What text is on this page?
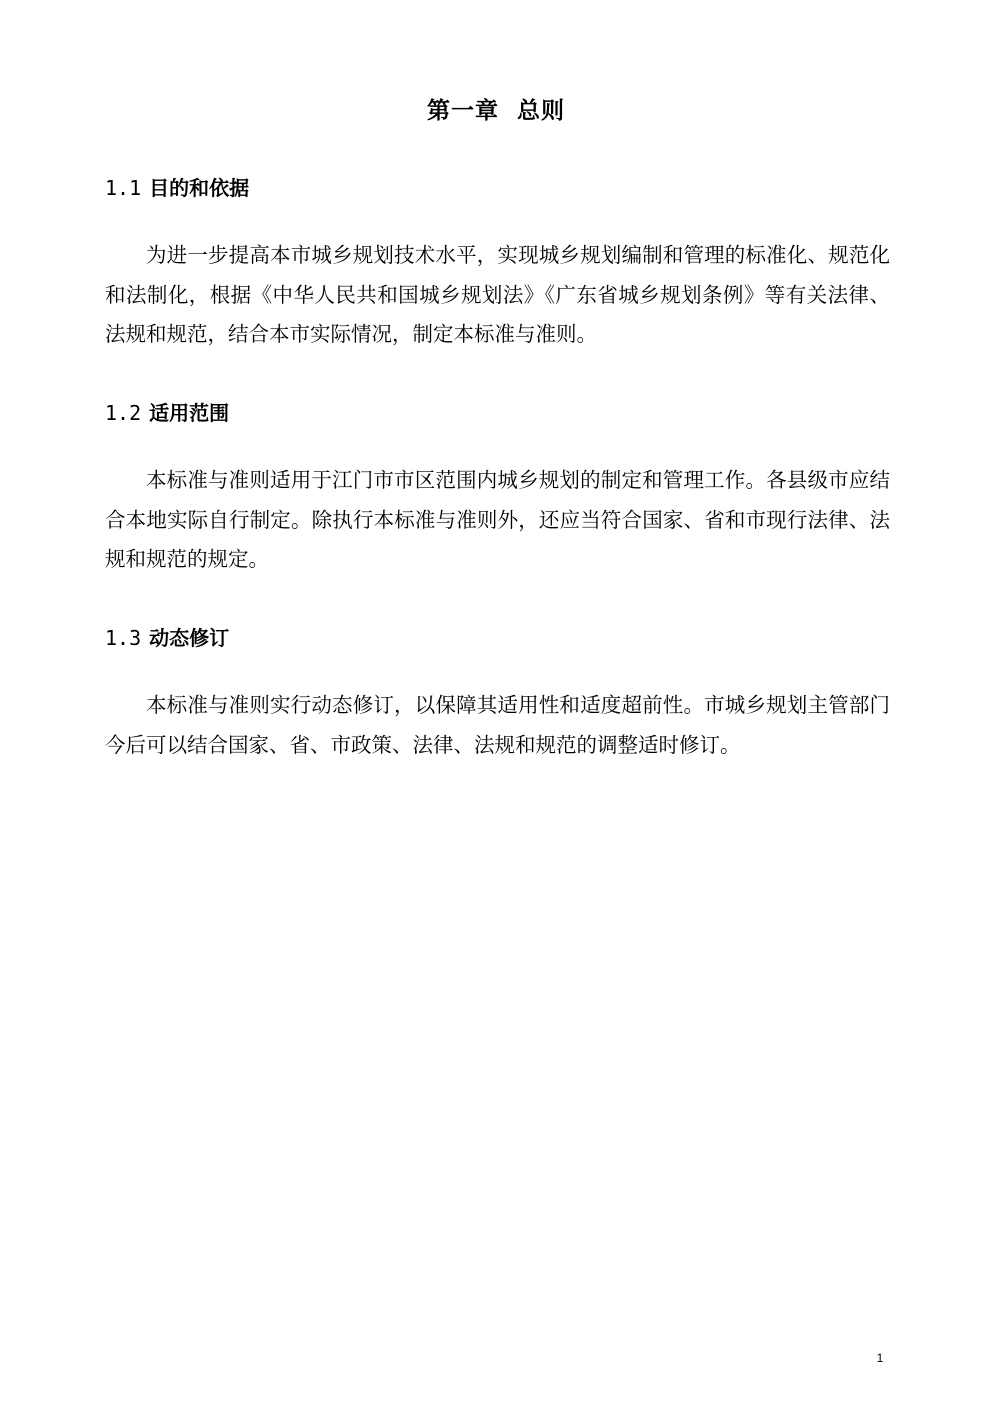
第一章  总则
1.1 目的和依据

为进一步提高本市城乡规划技术水平，实现城乡规划编制和管理的标准化、规范化和法制化，根据《中华人民共和国城乡规划法》《广东省城乡规划条例》等有关法律、法规和规范，结合本市实际情况，制定本标准与准则。

1.2 适用范围

本标准与准则适用于江门市市区范围内城乡规划的制定和管理工作。各县级市应结合本地实际自行制定。除执行本标准与准则外，还应当符合国家、省和市现行法律、法规和规范的规定。

1.3 动态修订

本标准与准则实行动态修订，以保障其适用性和适度超前性。市城乡规划主管部门今后可以结合国家、省、市政策、法律、法规和规范的调整适时修订。

1
